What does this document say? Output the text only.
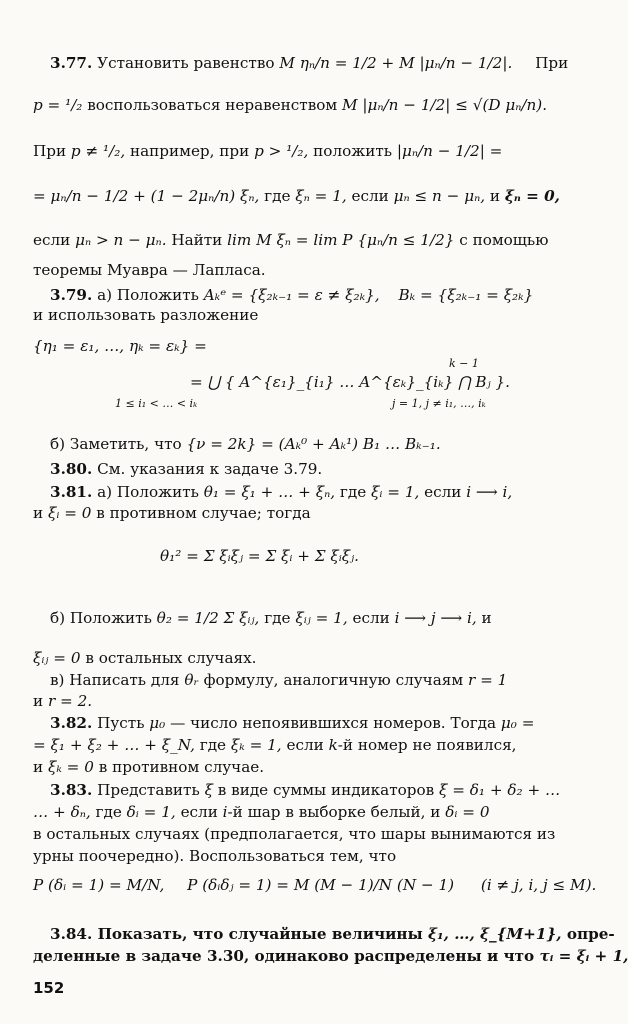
3.77. Установить равенство M ηₙ/n = 1/2 + M |μₙ/n − 1/2|. При
p = ¹/₂ воспользоваться неравенством M |μₙ/n − 1/2| ≤ √(D μₙ/n).
При p ≠ ¹/₂, например, при p > ¹/₂, положить |μₙ/n − 1/2| =
= μₙ/n − 1/2 + (1 − 2μₙ/n) ξₙ, где ξₙ = 1, если μₙ ≤ n − μₙ, и ξₙ = 0,
если μₙ > n − μₙ. Найти lim M ξₙ = lim P {μₙ/n ≤ 1/2} с помощью
теоремы Муавра — Лапласа.
3.79. а) Положить Aₖᵉ = {ξ₂ₖ₋₁ = ε ≠ ξ₂ₖ}, Bₖ = {ξ₂ₖ₋₁ = ξ₂ₖ}
и использовать разложение
{η₁ = ε₁, …, ηₖ = εₖ} =
k − 1
= ⋃ { A^{ε₁}_{i₁} … A^{εₖ}_{iₖ} ⋂ Bⱼ }.
1 ≤ i₁ < … < iₖ	j = 1, j ≠ i₁, …, iₖ
б) Заметить, что {ν = 2k} = (Aₖ⁰ + Aₖ¹) B₁ … Bₖ₋₁.
3.80. См. указания к задаче 3.79.
3.81. а) Положить θ₁ = ξ₁ + … + ξₙ, где ξᵢ = 1, если i ⟶ i,
и ξᵢ = 0 в противном случае; тогда
θ₁² = Σ ξᵢξⱼ = Σ ξᵢ + Σ ξᵢξⱼ.
б) Положить θ₂ = 1/2 Σ ξᵢⱼ, где ξᵢⱼ = 1, если i ⟶ j ⟶ i, и
ξᵢⱼ = 0 в остальных случаях.
в) Написать для θᵣ формулу, аналогичную случаям r = 1
и r = 2.
3.82. Пусть μ₀ — число непоявившихся номеров. Тогда μ₀ =
= ξ₁ + ξ₂ + … + ξ_N, где ξₖ = 1, если k-й номер не появился,
и ξₖ = 0 в противном случае.
3.83. Представить ξ в виде суммы индикаторов ξ = δ₁ + δ₂ + …
… + δₙ, где δᵢ = 1, если i-й шар в выборке белый, и δᵢ = 0
в остальных случаях (предполагается, что шары вынимаются из
урны поочередно). Воспользоваться тем, что
P (δᵢ = 1) = M/N, P (δᵢδⱼ = 1) = M (M − 1)/N (N − 1) (i ≠ j, i, j ≤ M).
3.84. Показать, что случайные величины ξ₁, …, ξ_{M+1}, опре-
деленные в задаче 3.30, одинаково распределены и что τᵢ = ξᵢ + 1,
152
